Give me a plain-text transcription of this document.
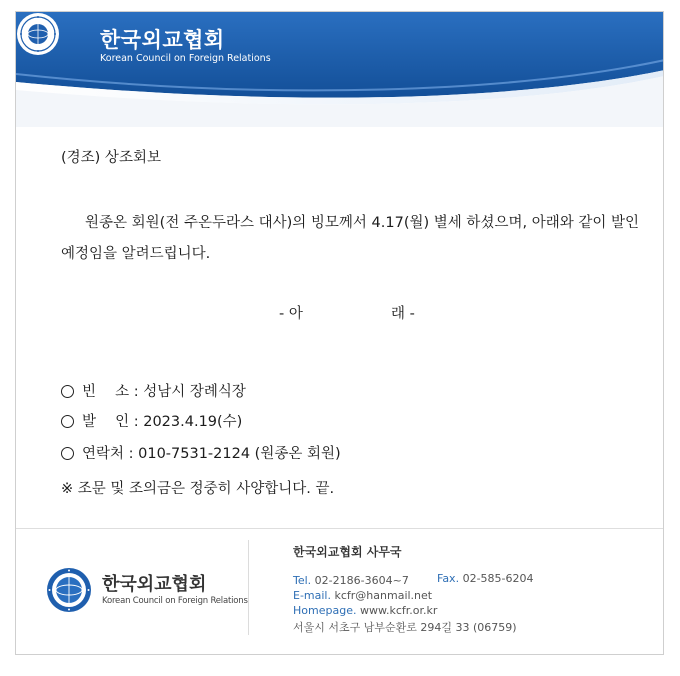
한국외교협회
Korean Council on Foreign Relations
(경조) 상조회보
원종온 회원(전 주온두라스 대사)의 빙모께서 4.17(월) 별세 하셨으며, 아래와 같이 발인 예정임을 알려드립니다.
- 아	래 -
빈　 소 : 성남시 장례식장
발　 인 : 2023.4.19(수)
연락처 : 010-7531-2124 (원종온 회원)
※ 조문 및 조의금은 정중히 사양합니다. 끝.
한국외교협회
Korean Council on Foreign Relations
한국외교협회 사무국
Tel. 02-2186-3604~7	Fax. 02-585-6204
E-mail. kcfr@hanmail.net
Homepage. www.kcfr.or.kr
서울시 서초구 남부순환로 294길 33 (06759)
